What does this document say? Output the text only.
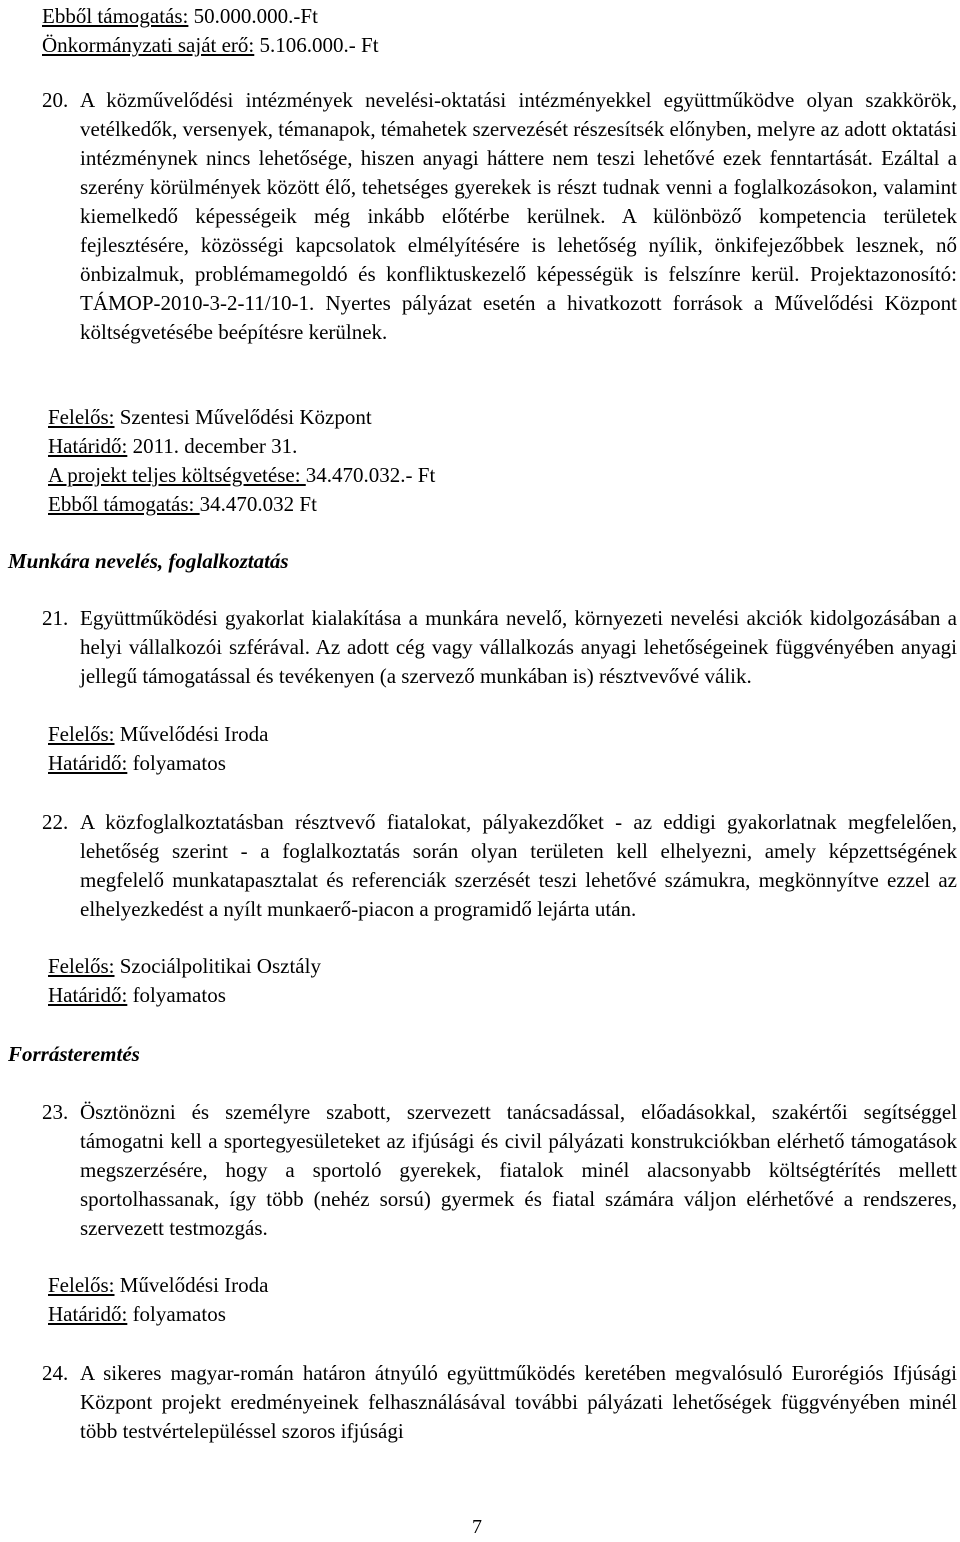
Ebből támogatás: 50.000.000.-Ft
Önkormányzati saját erő: 5.106.000.- Ft
20. A közművelődési intézmények nevelési-oktatási intézményekkel együttműködve olyan szakkörök, vetélkedők, versenyek, témanapok, témahetek szervezését részesítsék előnyben, melyre az adott oktatási intézménynek nincs lehetősége, hiszen anyagi háttere nem teszi lehetővé ezek fenntartását. Ezáltal a szerény körülmények között élő, tehetséges gyerekek is részt tudnak venni a foglalkozásokon, valamint kiemelkedő képességeik még inkább előtérbe kerülnek. A különböző kompetencia területek fejlesztésére, közösségi kapcsolatok elmélyítésére is lehetőség nyílik, önkifejezőbbek lesznek, nő önbizalmuk, problémamegoldó és konfliktuskezelő képességük is felszínre kerül. Projektazonosító: TÁMOP-2010-3-2-11/10-1. Nyertes pályázat esetén a hivatkozott források a Művelődési Központ költségvetésébe beépítésre kerülnek.
Felelős: Szentesi Művelődési Központ
Határidő: 2011. december 31.
A projekt teljes költségvetése: 34.470.032.- Ft
Ebből támogatás: 34.470.032 Ft
Munkára nevelés, foglalkoztatás
21. Együttműködési gyakorlat kialakítása a munkára nevelő, környezeti nevelési akciók kidolgozásában a helyi vállalkozói szférával. Az adott cég vagy vállalkozás anyagi lehetőségeinek függvényében anyagi jellegű támogatással és tevékenyen (a szervező munkában is) résztvevővé válik.
Felelős: Művelődési Iroda
Határidő: folyamatos
22. A közfoglalkoztatásban résztvevő fiatalokat, pályakezdőket - az eddigi gyakorlatnak megfelelően, lehetőség szerint - a foglalkoztatás során olyan területen kell elhelyezni, amely képzettségének megfelelő munkatapasztalat és referenciák szerzését teszi lehetővé számukra, megkönnyítve ezzel az elhelyezkedést a nyílt munkaerő-piacon a programidő lejárta után.
Felelős: Szociálpolitikai Osztály
Határidő: folyamatos
Forrásteremtés
23. Ösztönözni és személyre szabott, szervezett tanácsadással, előadásokkal, szakértői segítséggel támogatni kell a sportegyesületeket az ifjúsági és civil pályázati konstrukciókban elérhető támogatások megszerzésére, hogy a sportoló gyerekek, fiatalok minél alacsonyabb költségtérítés mellett sportolhassanak, így több (nehéz sorsú) gyermek és fiatal számára váljon elérhetővé a rendszeres, szervezett testmozgás.
Felelős: Művelődési Iroda
Határidő: folyamatos
24. A sikeres magyar-román határon átnyúló együttműködés keretében megvalósuló Eurorégiós Ifjúsági Központ projekt eredményeinek felhasználásával további pályázati lehetőségek függvényében minél több testvértelepüléssel szoros ifjúsági
7
